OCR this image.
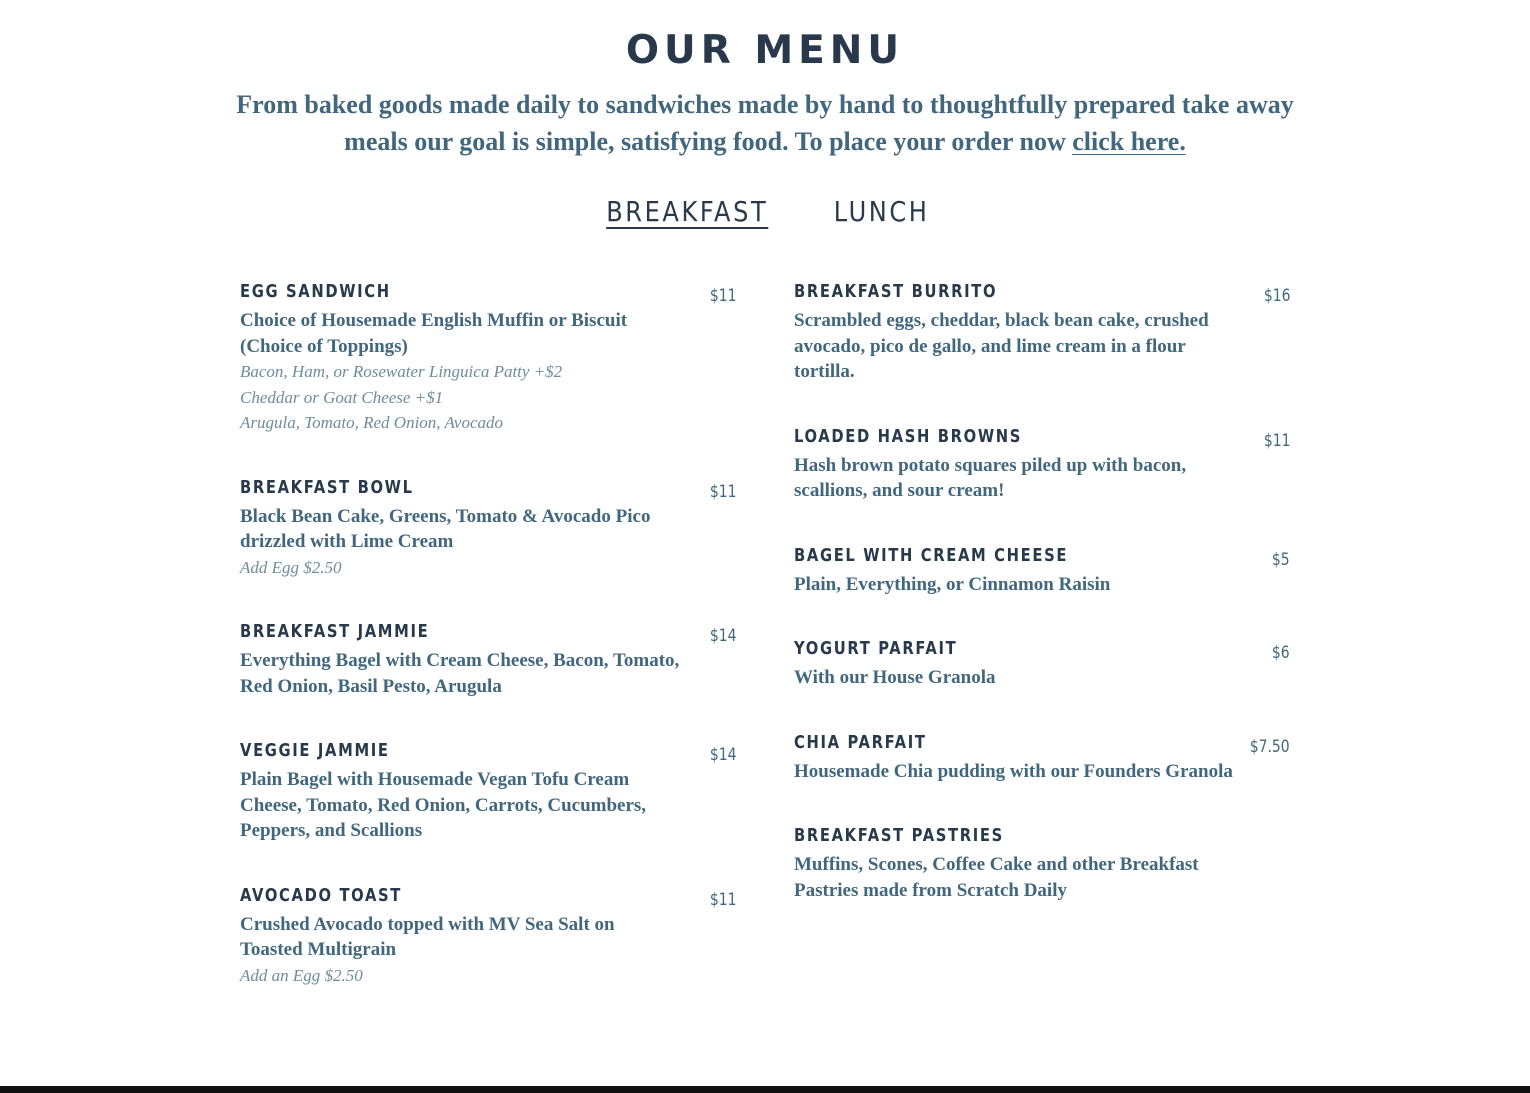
OUR MENU
From baked goods made daily to sandwiches made by hand to thoughtfully prepared take away meals our goal is simple, satisfying food. To place your order now click here.
BREAKFAST LUNCH
EGG SANDWICH	$11
Choice of Housemade English Muffin or Biscuit (Choice of Toppings)
Bacon, Ham, or Rosewater Linguica Patty +$2
Cheddar or Goat Cheese +$1
Arugula, Tomato, Red Onion, Avocado
BREAKFAST BOWL	$11
Black Bean Cake, Greens, Tomato & Avocado Pico drizzled with Lime Cream
Add Egg $2.50
BREAKFAST JAMMIE	$14
Everything Bagel with Cream Cheese, Bacon, Tomato, Red Onion, Basil Pesto, Arugula
VEGGIE JAMMIE	$14
Plain Bagel with Housemade Vegan Tofu Cream Cheese, Tomato, Red Onion, Carrots, Cucumbers, Peppers, and Scallions
AVOCADO TOAST	$11
Crushed Avocado topped with MV Sea Salt on Toasted Multigrain
Add an Egg $2.50
BREAKFAST BURRITO	$16
Scrambled eggs, cheddar, black bean cake, crushed avocado, pico de gallo, and lime cream in a flour tortilla.
LOADED HASH BROWNS	$11
Hash brown potato squares piled up with bacon, scallions, and sour cream!
BAGEL WITH CREAM CHEESE	$5
Plain, Everything, or Cinnamon Raisin
YOGURT PARFAIT	$6
With our House Granola
CHIA PARFAIT	$7.50
Housemade Chia pudding with our Founders Granola
BREAKFAST PASTRIES
Muffins, Scones, Coffee Cake and other Breakfast Pastries made from Scratch Daily
